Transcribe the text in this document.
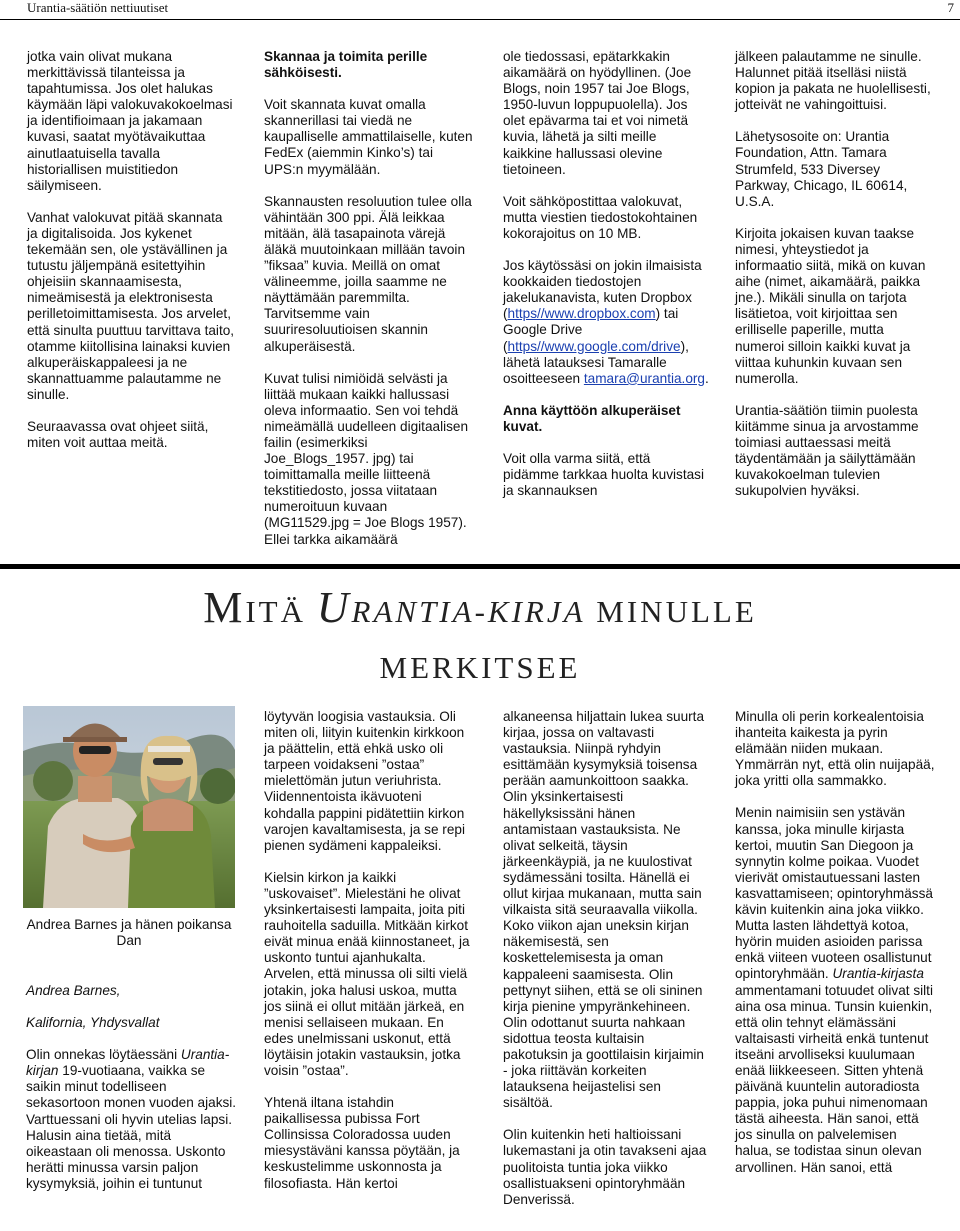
Urantia-säätiön nettiuutiset	7

jotka vain olivat mukana merkittävissä tilanteissa ja tapahtumissa. Jos olet halukas käymään läpi valokuvakokoelmasi ja identifioimaan ja jakamaan kuvasi, saatat myötävaikuttaa ainutlaatuisella tavalla historiallisen muistitiedon säilymiseen.

Vanhat valokuvat pitää skannata ja digitalisoida. Jos kykenet tekemään sen, ole ystävällinen ja tutustu jäljempänä esitettyihin ohjeisiin skannaamisesta, nimeämisestä ja elektronisesta perilletoimittamisesta. Jos arvelet, että sinulta puuttuu tarvittava taito, otamme kiitollisina lainaksi kuvien alkuperäiskappaleesi ja ne skannattuamme palautamme ne sinulle.

Seuraavassa ovat ohjeet siitä, miten voit auttaa meitä.

Skannaa ja toimita perille sähköisesti.

Voit skannata kuvat omalla skannerillasi tai viedä ne kaupalliselle ammattilaiselle, kuten FedEx (aiemmin Kinko’s) tai UPS:n myymälään.

Skannausten resoluution tulee olla vähintään 300 ppi. Älä leikkaa mitään, älä tasapainota värejä äläkä muutoinkaan millään tavoin ”fiksaa” kuvia. Meillä on omat välineemme, joilla saamme ne näyttämään paremmilta. Tarvitsemme vain suuriresoluutioisen skannin alkuperäisestä.

Kuvat tulisi nimiöidä selvästi ja liittää mukaan kaikki hallussasi oleva informaatio. Sen voi tehdä nimeämällä uudelleen digitaalisen failin (esimerkiksi Joe_Blogs_1957. jpg) tai toimittamalla meille liitteenä tekstitiedosto, jossa viitataan numeroituun kuvaan (MG11529.jpg = Joe Blogs 1957). Ellei tarkka aikamäärä

ole tiedossasi, epätarkkakin aikamäärä on hyödyllinen. (Joe Blogs, noin 1957 tai Joe Blogs, 1950-luvun loppupuolella). Jos olet epävarma tai et voi nimetä kuvia, lähetä ja silti meille kaikkine hallussasi olevine tietoineen.

Voit sähköpostittaa valokuvat, mutta viestien tiedostokohtainen kokorajoitus on 10 MB.

Jos käytössäsi on jokin ilmaisista kookkaiden tiedostojen jakelukanavista, kuten Dropbox (https//www.dropbox.com) tai Google Drive (https//www.google.com/drive), lähetä latauksesi Tamaralle osoitteeseen tamara@urantia.org.

Anna käyttöön alkuperäiset kuvat.

Voit olla varma siitä, että pidämme tarkkaa huolta kuvistasi ja skannauksen

jälkeen palautamme ne sinulle. Halunnet pitää itselläsi niistä kopion ja pakata ne huolellisesti, jotteivät ne vahingoittuisi.

Lähetysosoite on: Urantia Foundation, Attn. Tamara Strumfeld, 533 Diversey Parkway, Chicago, IL 60614, U.S.A.

Kirjoita jokaisen kuvan taakse nimesi, yhteystiedot ja informaatio siitä, mikä on kuvan aihe (nimet, aikamäärä, paikka jne.). Mikäli sinulla on tarjota lisätietoa, voit kirjoittaa sen erilliselle paperille, mutta numeroi silloin kaikki kuvat ja viittaa kuhunkin kuvaan sen numerolla.

Urantia-säätiön tiimin puolesta kiitämme sinua ja arvostamme toimiasi auttaessasi meitä täydentämään ja säilyttämään kuvakokoelman tulevien sukupolvien hyväksi.

MITÄ URANTIA-KIRJA MINULLE
MERKITSEE
Andrea Barnes ja hänen poikansa Dan

Andrea Barnes,

Kalifornia, Yhdysvallat

Olin onnekas löytäessäni Urantia-kirjan 19-vuotiaana, vaikka se saikin minut todelliseen sekasortoon monen vuoden ajaksi. Varttuessani oli hyvin utelias lapsi. Halusin aina tietää, mitä oikeastaan oli menossa. Uskonto herätti minussa varsin paljon kysymyksiä, joihin ei tuntunut

löytyvän loogisia vastauksia. Oli miten oli, liityin kuitenkin kirkkoon ja päättelin, että ehkä usko oli tarpeen voidakseni ”ostaa” mielettömän jutun veriuhrista. Viidennentoista ikävuoteni kohdalla pappini pidätettiin kirkon varojen kavaltamisesta, ja se repi pienen sydämeni kappaleiksi.

Kielsin kirkon ja kaikki ”uskovaiset”. Mielestäni he olivat yksinkertaisesti lampaita, joita piti rauhoitella saduilla. Mitkään kirkot eivät minua enää kiinnostaneet, ja uskonto tuntui ajanhukalta. Arvelen, että minussa oli silti vielä jotakin, joka halusi uskoa, mutta jos siinä ei ollut mitään järkeä, en menisi sellaiseen mukaan. En edes unelmissani uskonut, että löytäisin jotakin vastauksin, jotka voisin ”ostaa”.

Yhtenä iltana istahdin paikallisessa pubissa Fort Collinsissa Coloradossa uuden miesystäväni kanssa pöytään, ja keskustelimme uskonnosta ja filosofiasta. Hän kertoi

alkaneensa hiljattain lukea suurta kirjaa, jossa on valtavasti vastauksia. Niinpä ryhdyin esittämään kysymyksiä toisensa perään aamunkoittoon saakka. Olin yksinkertaisesti häkellyksissäni hänen antamistaan vastauksista. Ne olivat selkeitä, täysin järkeenkäypiä, ja ne kuulostivat sydämessäni tosilta. Hänellä ei ollut kirjaa mukanaan, mutta sain vilkaista sitä seuraavalla viikolla. Koko viikon ajan uneksin kirjan näkemisestä, sen koskettelemisesta ja oman kappaleeni saamisesta. Olin pettynyt siihen, että se oli sininen kirja pienine ympyränkehineen. Olin odottanut suurta nahkaan sidottua teosta kultaisin pakotuksin ja goottilaisin kirjaimin - joka riittävän korkeiten latauksena heijastelisi sen sisältöä.

Olin kuitenkin heti haltioissani lukemastani ja otin tavakseni ajaa puolitoista tuntia joka viikko osallistuakseni opintoryhmään Denverissä.

Minulla oli perin korkealentoisia ihanteita kaikesta ja pyrin elämään niiden mukaan. Ymmärrän nyt, että olin nuijapää, joka yritti olla sammakko.

Menin naimisiin sen ystävän kanssa, joka minulle kirjasta kertoi, muutin San Diegoon ja synnytin kolme poikaa. Vuodet vierivät omistautuessani lasten kasvattamiseen; opintoryhmässä kävin kuitenkin aina joka viikko. Mutta lasten lähdettyä kotoa, hyörin muiden asioiden parissa enkä viiteen vuoteen osallistunut opintoryhmään. Urantia-kirjasta ammentamani totuudet olivat silti aina osa minua. Tunsin kuienkin, että olin tehnyt elämässäni valtaisasti virheitä enkä tuntenut itseäni arvolliseksi kuulumaan enää liikkeeseen. Sitten yhtenä päivänä kuuntelin autoradiosta pappia, joka puhui nimenomaan tästä aiheesta. Hän sanoi, että jos sinulla on palvelemisen halua, se todistaa sinun olevan arvollinen. Hän sanoi, että
